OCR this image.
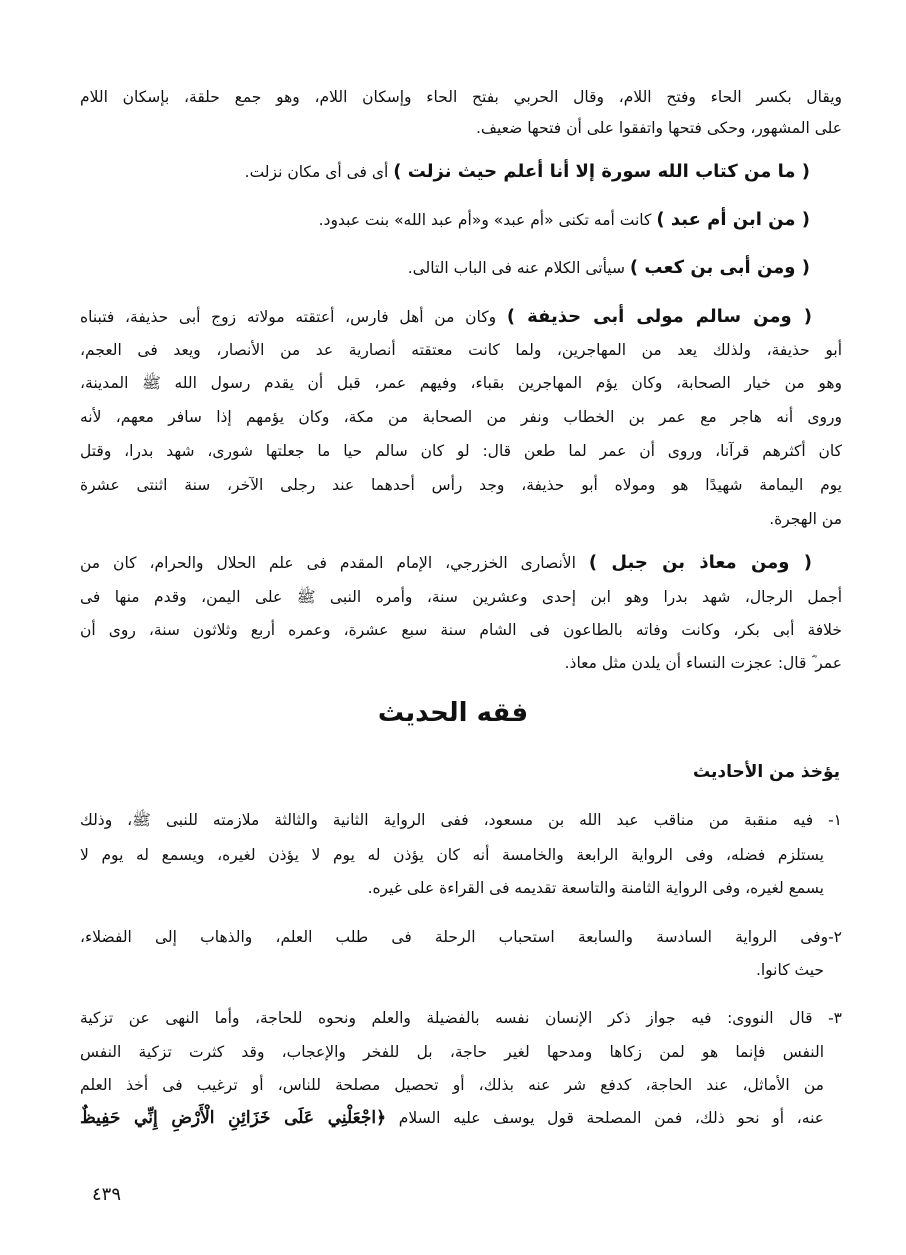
فقه الحديث
يؤخذ من الأحاديث
٤٣٩
ويقال بكسر الحاء وفتح اللام، وقال الحربي بفتح الحاء وإسكان اللام، وهو جمع حلقة، بإسكان اللام
على المشهور، وحكى فتحها واتفقوا على أن فتحها ضعيف.
( ما من كتاب الله سورة إلا أنا أعلم حيث نزلت ) أى فى أى مكان نزلت.
( من ابن أم عبد ) كانت أمه تكنى «أم عبد» و«أم عبد الله» بنت عبدود.
( ومن أبى بن كعب ) سيأتى الكلام عنه فى الباب التالى.
( ومن سالم مولى أبى حذيفة ) وكان من أهل فارس، أعتقته مولاته زوج أبى حذيفة، فتبناه
أبو حذيفة، ولذلك يعد من المهاجرين، ولما كانت معتقته أنصارية عد من الأنصار، ويعد فى العجم،
وهو من خيار الصحابة، وكان يؤم المهاجرين بقباء، وفيهم عمر، قبل أن يقدم رسول الله ﷺ المدينة،
وروى أنه هاجر مع عمر بن الخطاب ونفر من الصحابة من مكة، وكان يؤمهم إذا سافر معهم، لأنه
كان أكثرهم قرآنا، وروى أن عمر لما طعن قال: لو كان سالم حيا ما جعلتها شورى، شهد بدرا، وقتل
يوم اليمامة شهيدًا هو ومولاه أبو حذيفة، وجد رأس أحدهما عند رجلى الآخر، سنة اثنتى عشرة
من الهجرة.
( ومن معاذ بن جبل ) الأنصارى الخزرجي، الإمام المقدم فى علم الحلال والحرام، كان من
أجمل الرجال، شهد بدرا وهو ابن إحدى وعشرين سنة، وأمره النبى ﷺ على اليمن، وقدم منها فى
خلافة أبى بكر، وكانت وفاته بالطاعون فى الشام سنة سبع عشرة، وعمره أربع وثلاثون سنة، روى أن
عمر ؓ قال: عجزت النساء أن يلدن مثل معاذ.
١- فيه منقبة من مناقب عبد الله بن مسعود، ففى الرواية الثانية والثالثة ملازمته للنبى ﷺ، وذلك
يستلزم فضله، وفى الرواية الرابعة والخامسة أنه كان يؤذن له يوم لا يؤذن لغيره، ويسمع له يوم لا
يسمع لغيره، وفى الرواية الثامنة والتاسعة تقديمه فى القراءة على غيره.
٢-وفى الرواية السادسة والسابعة استحباب الرحلة فى طلب العلم، والذهاب إلى الفضلاء،
حيث كانوا.
٣- قال النووى: فيه جواز ذكر الإنسان نفسه بالفضيلة والعلم ونحوه للحاجة، وأما النهى عن تزكية
النفس فإنما هو لمن زكاها ومدحها لغير حاجة، بل للفخر والإعجاب، وقد كثرت تزكية النفس
من الأماثل، عند الحاجة، كدفع شر عنه بذلك، أو تحصيل مصلحة للناس، أو ترغيب فى أخذ العلم
عنه، أو نحو ذلك، فمن المصلحة قول يوسف عليه السلام ﴿اجْعَلْنِي عَلَى خَزَائِنِ الْأَرْضِ إِنِّي حَفِيظٌ
